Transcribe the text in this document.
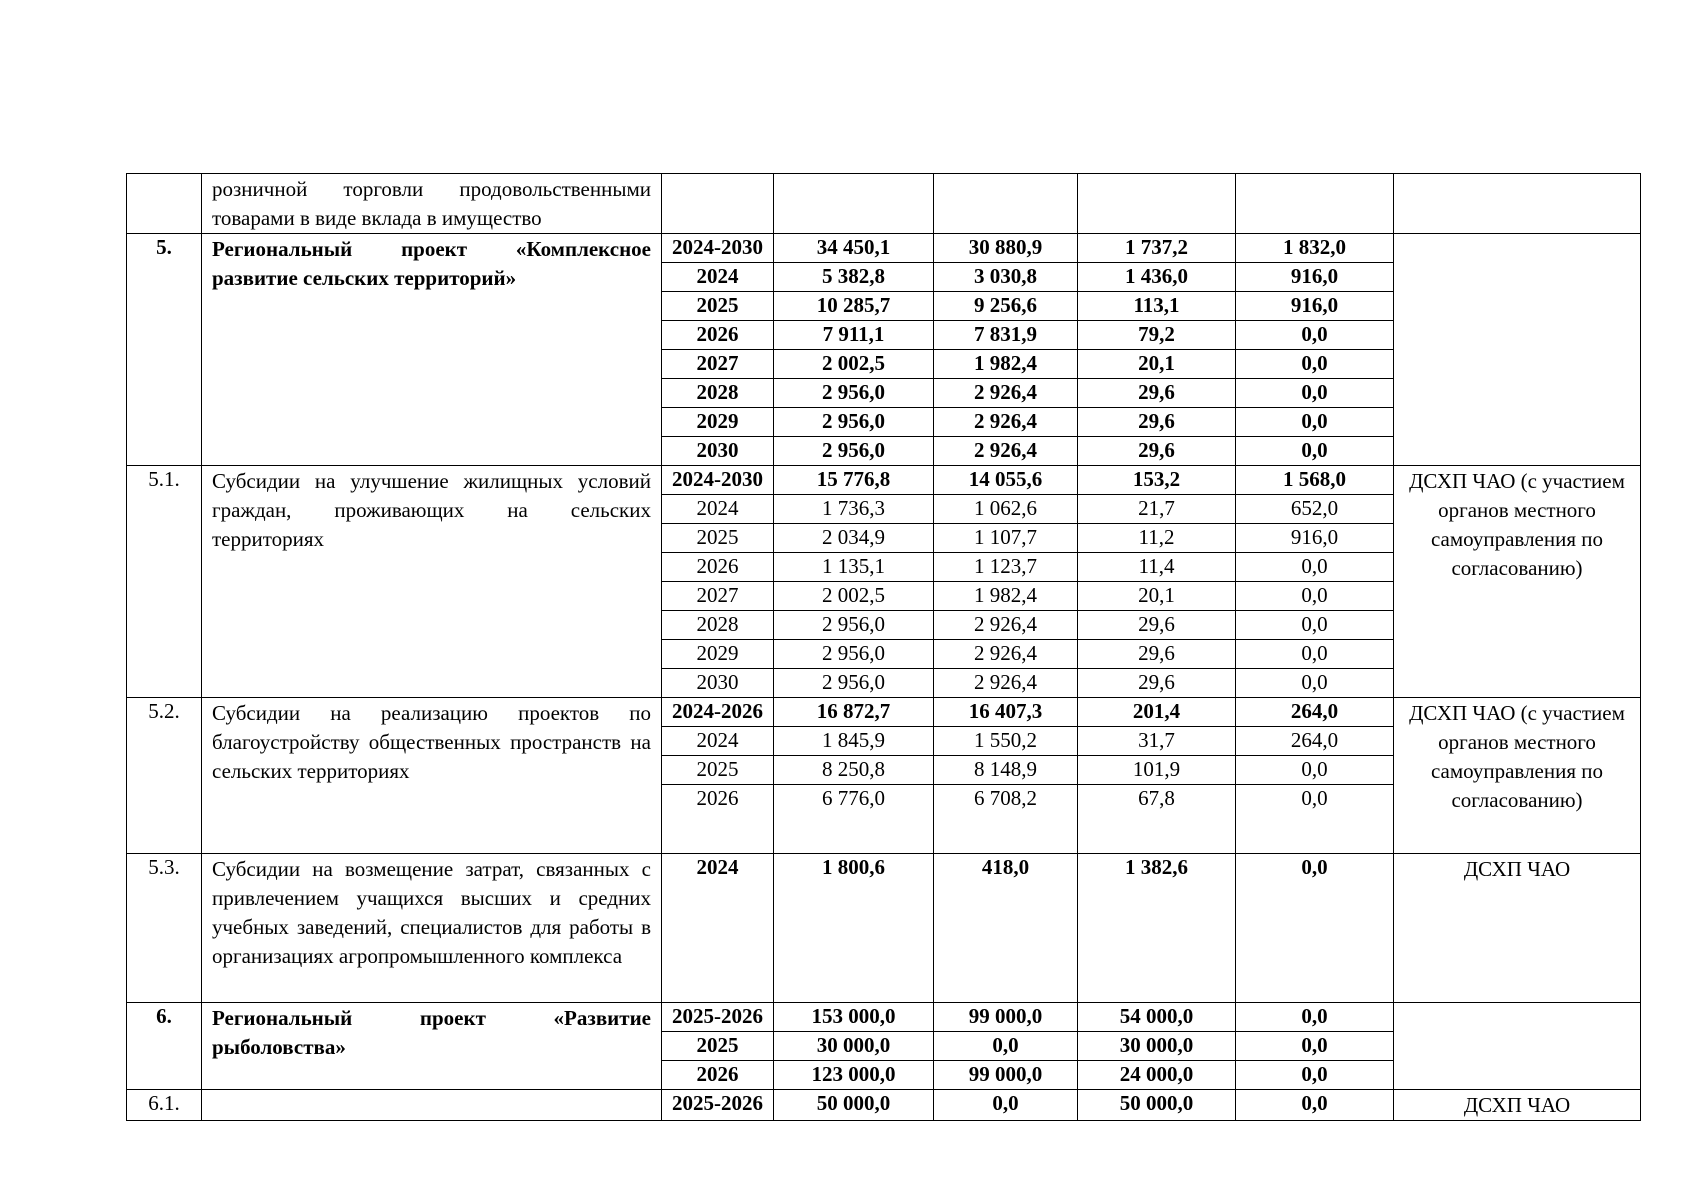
	розничной торговли продовольственными товарами в виде вклада в имущество						
5.	Региональный проект «Комплексное развитие сельских территорий»	2024-2030	34 450,1	30 880,9	1 737,2	1 832,0	
		2024	5 382,8	3 030,8	1 436,0	916,0	
		2025	10 285,7	9 256,6	113,1	916,0	
		2026	7 911,1	7 831,9	79,2	0,0	
		2027	2 002,5	1 982,4	20,1	0,0	
		2028	2 956,0	2 926,4	29,6	0,0	
		2029	2 956,0	2 926,4	29,6	0,0	
		2030	2 956,0	2 926,4	29,6	0,0	
5.1.	Субсидии на улучшение жилищных условий граждан, проживающих на сельских территориях	2024-2030	15 776,8	14 055,6	153,2	1 568,0	ДСХП ЧАО (с участием органов местного самоуправления по согласованию)
		2024	1 736,3	1 062,6	21,7	652,0	
		2025	2 034,9	1 107,7	11,2	916,0	
		2026	1 135,1	1 123,7	11,4	0,0	
		2027	2 002,5	1 982,4	20,1	0,0	
		2028	2 956,0	2 926,4	29,6	0,0	
		2029	2 956,0	2 926,4	29,6	0,0	
		2030	2 956,0	2 926,4	29,6	0,0	
5.2.	Субсидии на реализацию проектов по благоустройству общественных пространств на сельских территориях	2024-2026	16 872,7	16 407,3	201,4	264,0	ДСХП ЧАО (с участием органов местного самоуправления по согласованию)
		2024	1 845,9	1 550,2	31,7	264,0	
		2025	8 250,8	8 148,9	101,9	0,0	
		2026	6 776,0	6 708,2	67,8	0,0	
5.3.	Субсидии на возмещение затрат, связанных с привлечением учащихся высших и средних учебных заведений, специалистов для работы в организациях агропромышленного комплекса	2024	1 800,6	418,0	1 382,6	0,0	ДСХП ЧАО
6.	Региональный проект «Развитие рыболовства»	2025-2026	153 000,0	99 000,0	54 000,0	0,0	
		2025	30 000,0	0,0	30 000,0	0,0	
		2026	123 000,0	99 000,0	24 000,0	0,0	
6.1.		2025-2026	50 000,0	0,0	50 000,0	0,0	ДСХП ЧАО
